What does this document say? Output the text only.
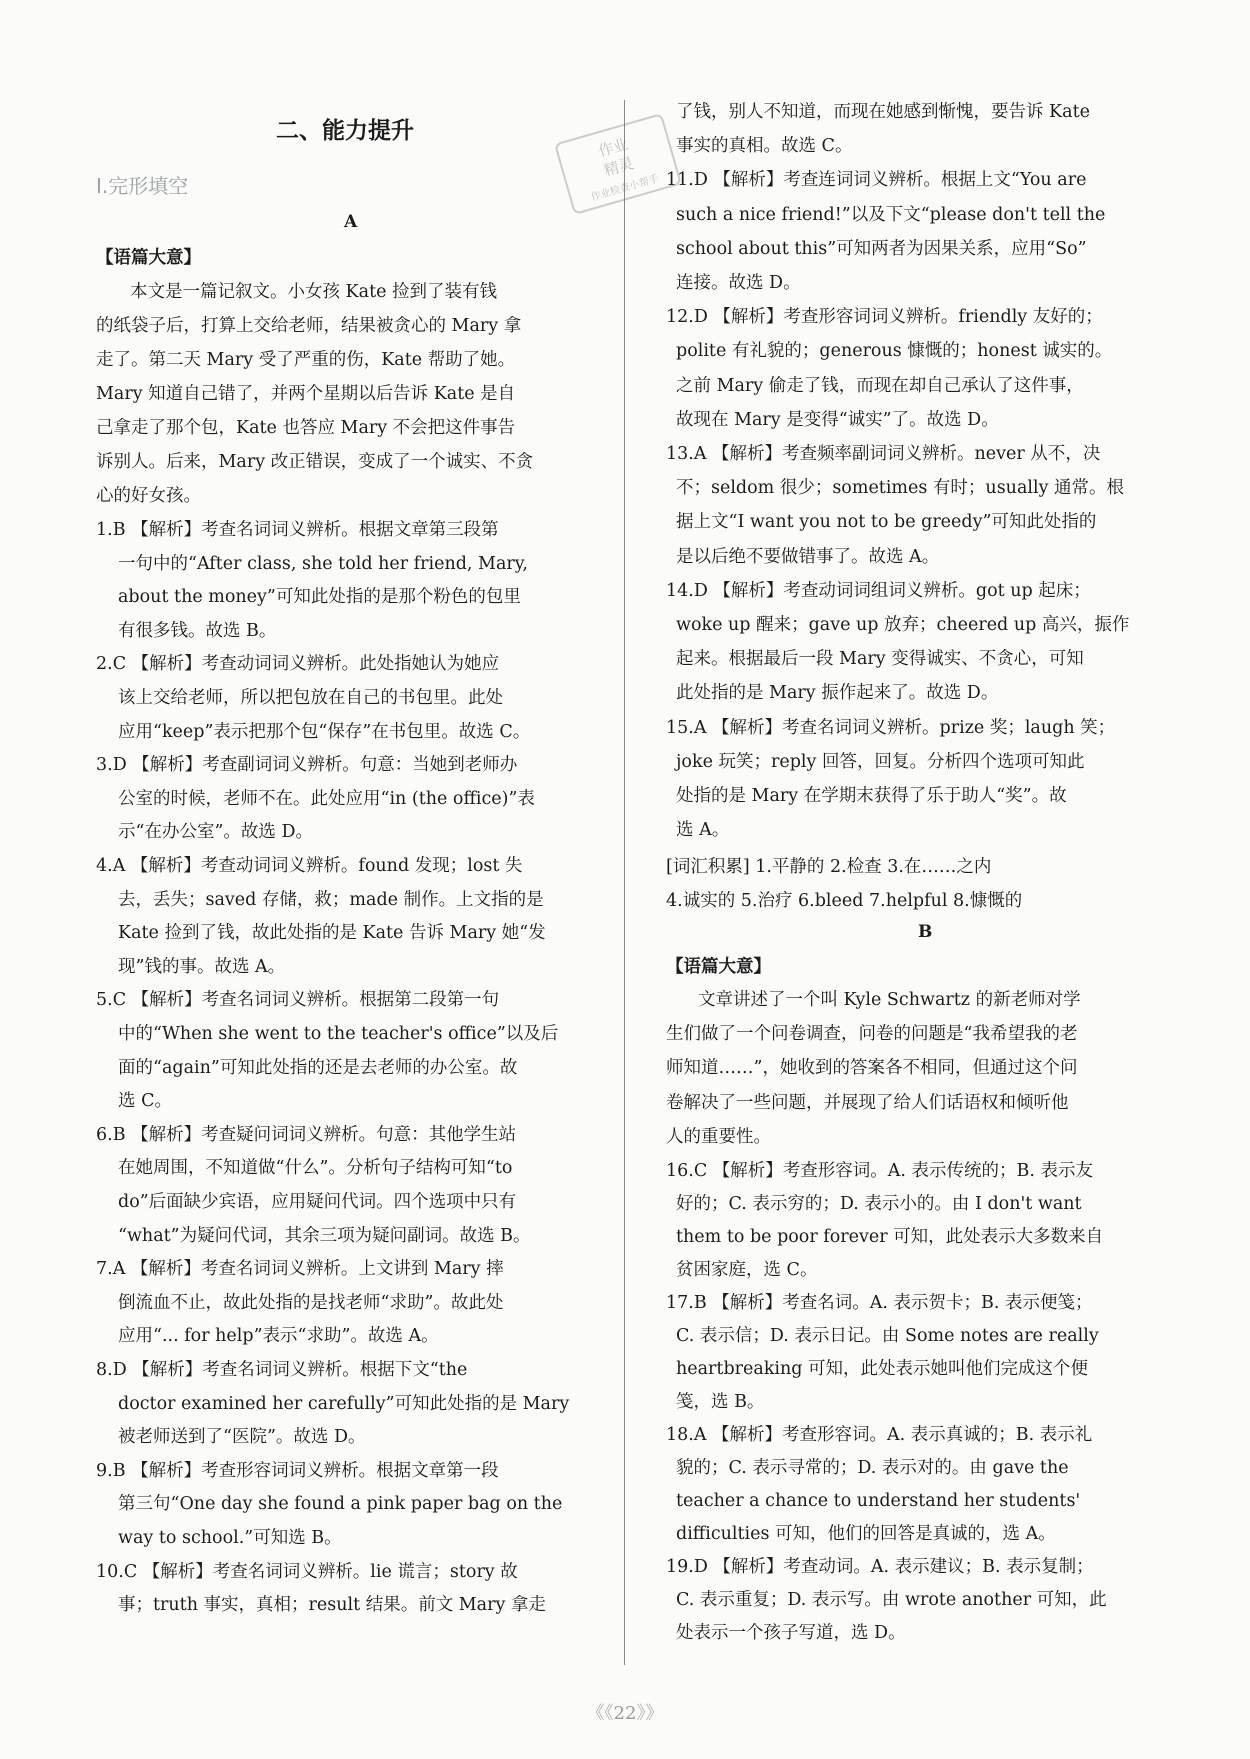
二、能力提升
Ⅰ.完形填空
A
【语篇大意】
本文是一篇记叙文。小女孩 Kate 捡到了装有钱
的纸袋子后，打算上交给老师，结果被贪心的 Mary 拿
走了。第二天 Mary 受了严重的伤，Kate 帮助了她。
Mary 知道自己错了，并两个星期以后告诉 Kate 是自
己拿走了那个包，Kate 也答应 Mary 不会把这件事告
诉别人。后来，Mary 改正错误，变成了一个诚实、不贪
心的好女孩。
1.B 【解析】考查名词词义辨析。根据文章第三段第
一句中的“After class, she told her friend, Mary,
about the money”可知此处指的是那个粉色的包里
有很多钱。故选 B。
2.C 【解析】考查动词词义辨析。此处指她认为她应
该上交给老师，所以把包放在自己的书包里。此处
应用“keep”表示把那个包“保存”在书包里。故选 C。
3.D 【解析】考查副词词义辨析。句意：当她到老师办
公室的时候，老师不在。此处应用“in (the office)”表
示“在办公室”。故选 D。
4.A 【解析】考查动词词义辨析。found 发现；lost 失
去，丢失；saved 存储，救；made 制作。上文指的是
Kate 捡到了钱，故此处指的是 Kate 告诉 Mary 她“发
现”钱的事。故选 A。
5.C 【解析】考查名词词义辨析。根据第二段第一句
中的“When she went to the teacher's office”以及后
面的“again”可知此处指的还是去老师的办公室。故
选 C。
6.B 【解析】考查疑问词词义辨析。句意：其他学生站
在她周围，不知道做“什么”。分析句子结构可知“to
do”后面缺少宾语，应用疑问代词。四个选项中只有
“what”为疑问代词，其余三项为疑问副词。故选 B。
7.A 【解析】考查名词词义辨析。上文讲到 Mary 摔
倒流血不止，故此处指的是找老师“求助”。故此处
应用“... for help”表示“求助”。故选 A。
8.D 【解析】考查名词词义辨析。根据下文“the
doctor examined her carefully”可知此处指的是 Mary
被老师送到了“医院”。故选 D。
9.B 【解析】考查形容词词义辨析。根据文章第一段
第三句“One day she found a pink paper bag on the
way to school.”可知选 B。
10.C 【解析】考查名词词义辨析。lie 谎言；story 故
事；truth 事实，真相；result 结果。前文 Mary 拿走
了钱，别人不知道，而现在她感到惭愧，要告诉 Kate
事实的真相。故选 C。
11.D 【解析】考查连词词义辨析。根据上文“You are
such a nice friend!”以及下文“please don't tell the
school about this”可知两者为因果关系，应用“So”
连接。故选 D。
12.D 【解析】考查形容词词义辨析。friendly 友好的；
polite 有礼貌的；generous 慷慨的；honest 诚实的。
之前 Mary 偷走了钱，而现在却自己承认了这件事，
故现在 Mary 是变得“诚实”了。故选 D。
13.A 【解析】考查频率副词词义辨析。never 从不，决
不；seldom 很少；sometimes 有时；usually 通常。根
据上文“I want you not to be greedy”可知此处指的
是以后绝不要做错事了。故选 A。
14.D 【解析】考查动词词组词义辨析。got up 起床；
woke up 醒来；gave up 放弃；cheered up 高兴，振作
起来。根据最后一段 Mary 变得诚实、不贪心，可知
此处指的是 Mary 振作起来了。故选 D。
15.A 【解析】考查名词词义辨析。prize 奖；laugh 笑；
joke 玩笑；reply 回答，回复。分析四个选项可知此
处指的是 Mary 在学期末获得了乐于助人“奖”。故
选 A。
[词汇积累] 1.平静的 2.检查 3.在……之内
4.诚实的 5.治疗 6.bleed 7.helpful 8.慷慨的
B
【语篇大意】
文章讲述了一个叫 Kyle Schwartz 的新老师对学
生们做了一个问卷调查，问卷的问题是“我希望我的老
师知道……”，她收到的答案各不相同，但通过这个问
卷解决了一些问题，并展现了给人们话语权和倾听他
人的重要性。
16.C 【解析】考查形容词。A. 表示传统的；B. 表示友
好的；C. 表示穷的；D. 表示小的。由 I don't want
them to be poor forever 可知，此处表示大多数来自
贫困家庭，选 C。
17.B 【解析】考查名词。A. 表示贺卡；B. 表示便笺；
C. 表示信；D. 表示日记。由 Some notes are really
heartbreaking 可知，此处表示她叫他们完成这个便
笺，选 B。
18.A 【解析】考查形容词。A. 表示真诚的；B. 表示礼
貌的；C. 表示寻常的；D. 表示对的。由 gave the
teacher a chance to understand her students'
difficulties 可知，他们的回答是真诚的，选 A。
19.D 【解析】考查动词。A. 表示建议；B. 表示复制；
C. 表示重复；D. 表示写。由 wrote another 可知，此
处表示一个孩子写道，选 D。
作业
精灵
作业检查小帮手
《《22》》
